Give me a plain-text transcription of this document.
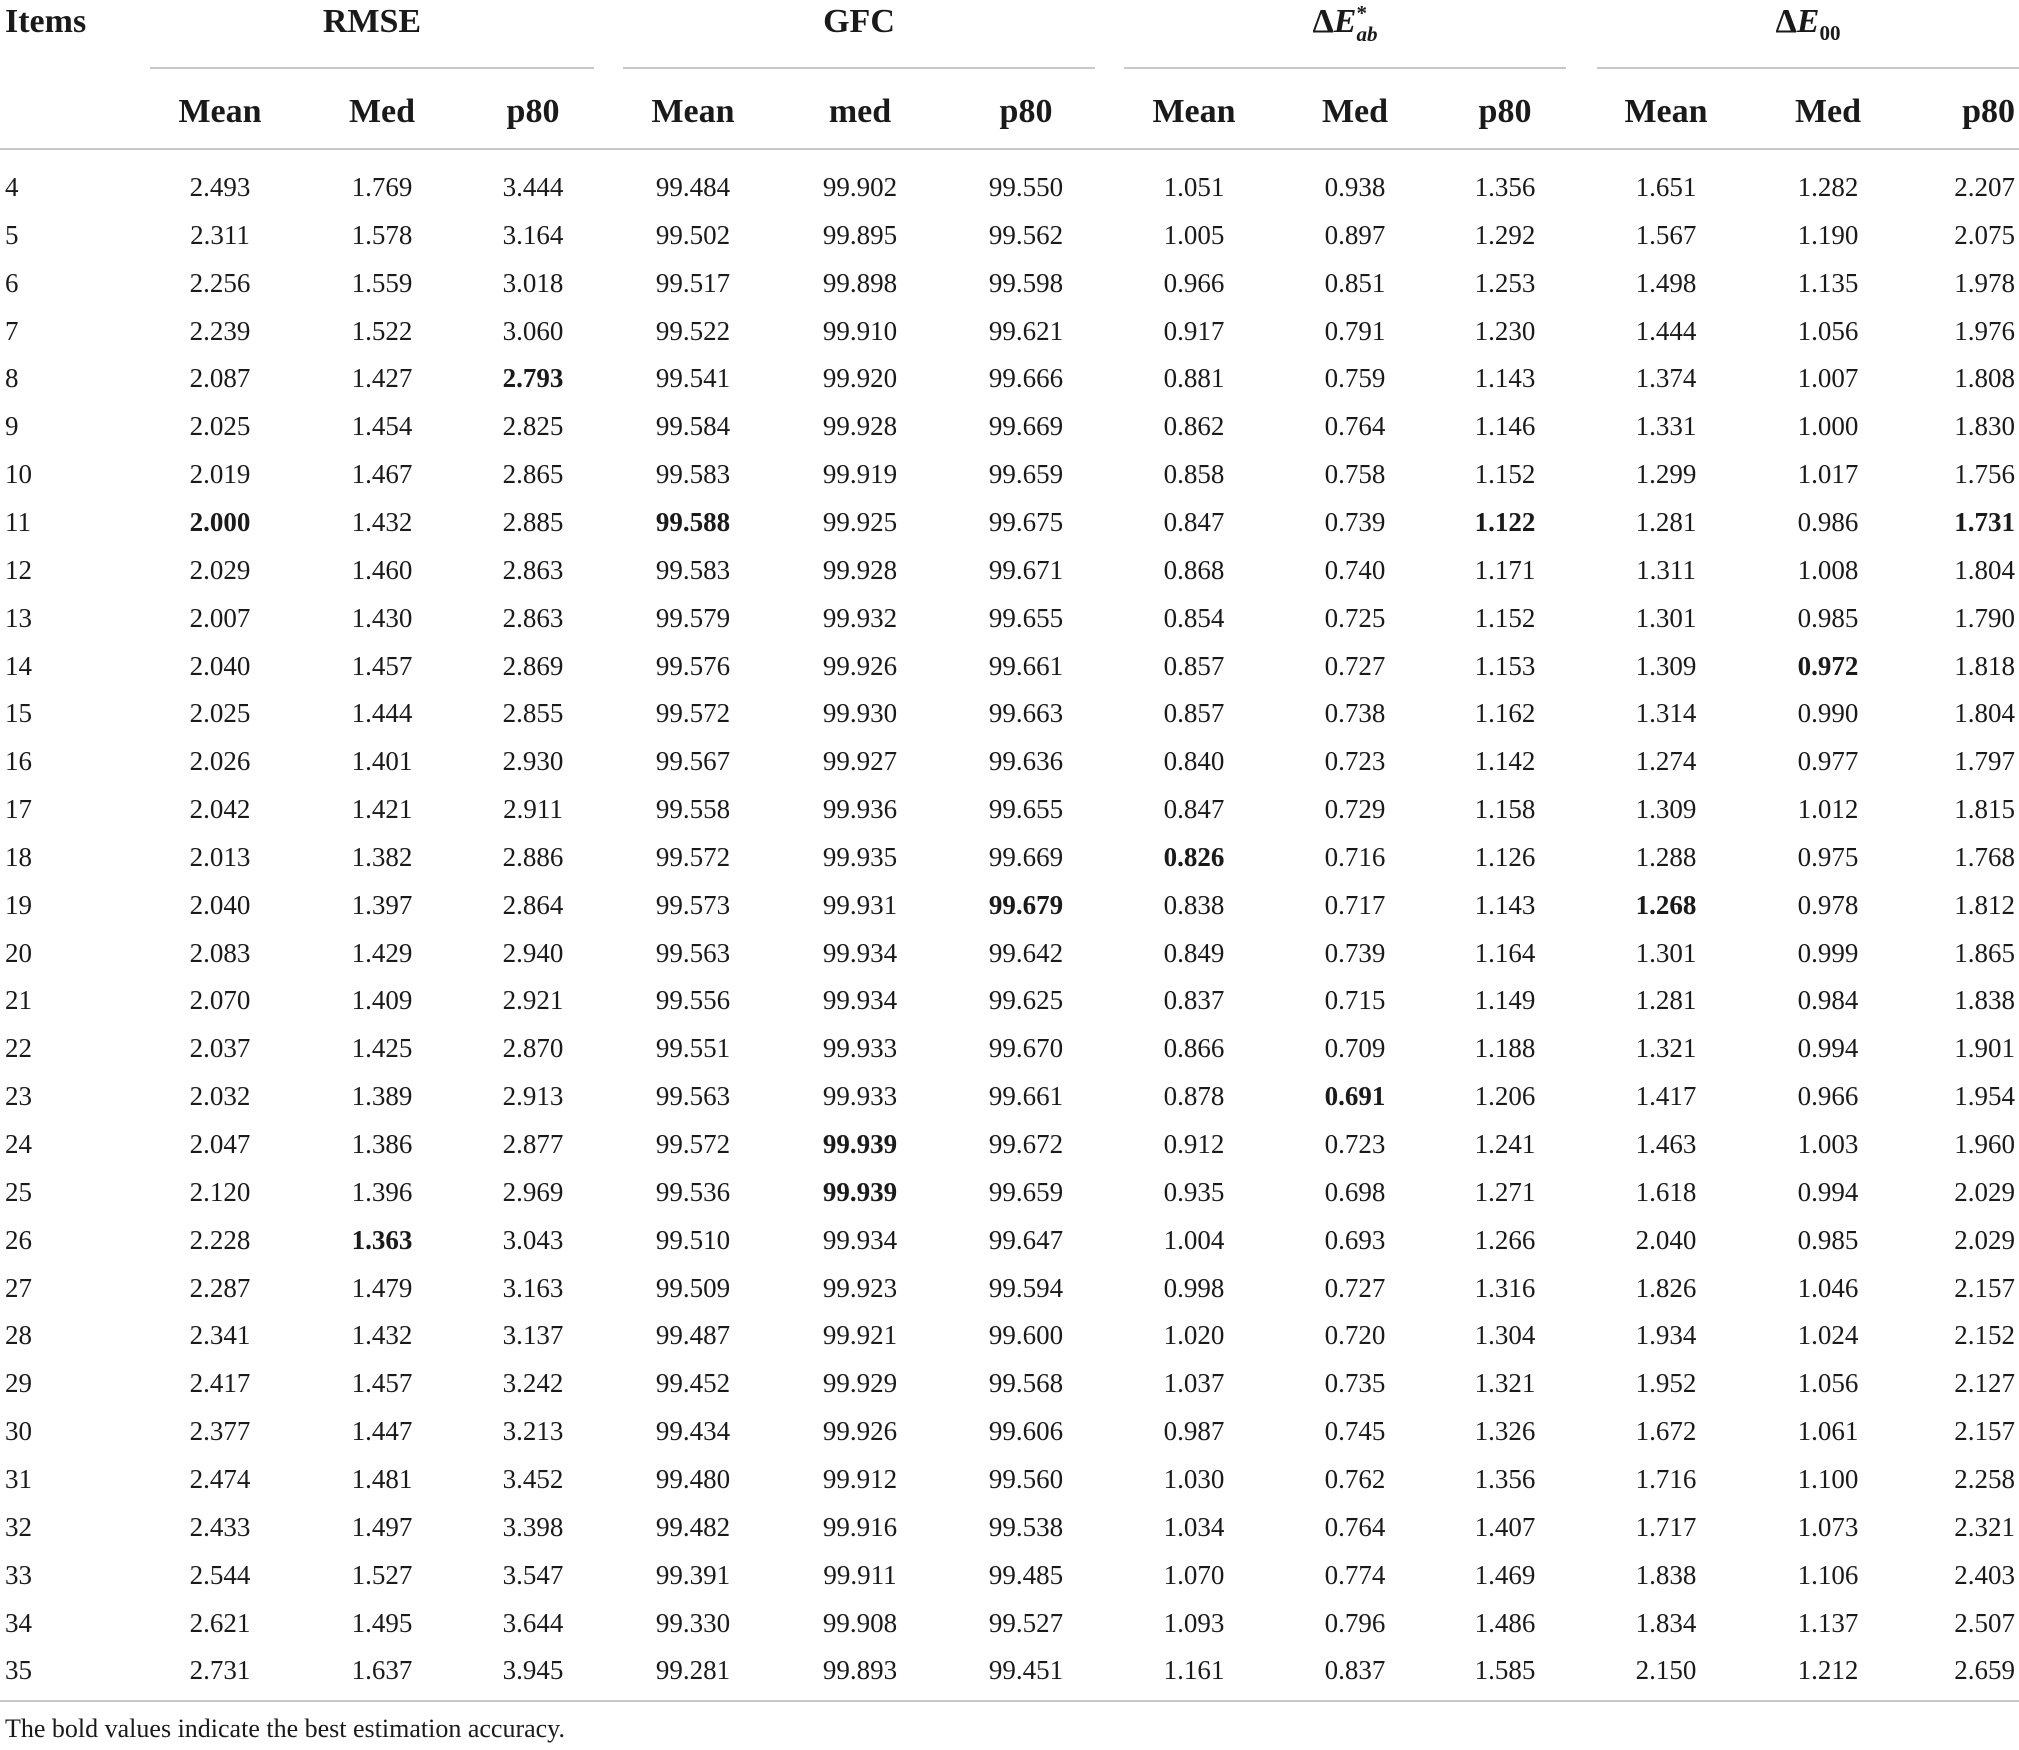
Items	RMSE	GFC	ΔE *
ab	$\Delta E_{00}$
Mean	Med	p80	Mean	med	p80	Mean	Med	p80	Mean	Med	p80
4	2.493	1.769	3.444	99.484	99.902	99.550	1.051	0.938	1.356	1.651	1.282	2.207
5	2.311	1.578	3.164	99.502	99.895	99.562	1.005	0.897	1.292	1.567	1.190	2.075
6	2.256	1.559	3.018	99.517	99.898	99.598	0.966	0.851	1.253	1.498	1.135	1.978
7	2.239	1.522	3.060	99.522	99.910	99.621	0.917	0.791	1.230	1.444	1.056	1.976
8	2.087	1.427	2.793	99.541	99.920	99.666	0.881	0.759	1.143	1.374	1.007	1.808
9	2.025	1.454	2.825	99.584	99.928	99.669	0.862	0.764	1.146	1.331	1.000	1.830
10	2.019	1.467	2.865	99.583	99.919	99.659	0.858	0.758	1.152	1.299	1.017	1.756
11	2.000	1.432	2.885	99.588	99.925	99.675	0.847	0.739	1.122	1.281	0.986	1.731
12	2.029	1.460	2.863	99.583	99.928	99.671	0.868	0.740	1.171	1.311	1.008	1.804
13	2.007	1.430	2.863	99.579	99.932	99.655	0.854	0.725	1.152	1.301	0.985	1.790
14	2.040	1.457	2.869	99.576	99.926	99.661	0.857	0.727	1.153	1.309	0.972	1.818
15	2.025	1.444	2.855	99.572	99.930	99.663	0.857	0.738	1.162	1.314	0.990	1.804
16	2.026	1.401	2.930	99.567	99.927	99.636	0.840	0.723	1.142	1.274	0.977	1.797
17	2.042	1.421	2.911	99.558	99.936	99.655	0.847	0.729	1.158	1.309	1.012	1.815
18	2.013	1.382	2.886	99.572	99.935	99.669	0.826	0.716	1.126	1.288	0.975	1.768
19	2.040	1.397	2.864	99.573	99.931	99.679	0.838	0.717	1.143	1.268	0.978	1.812
20	2.083	1.429	2.940	99.563	99.934	99.642	0.849	0.739	1.164	1.301	0.999	1.865
21	2.070	1.409	2.921	99.556	99.934	99.625	0.837	0.715	1.149	1.281	0.984	1.838
22	2.037	1.425	2.870	99.551	99.933	99.670	0.866	0.709	1.188	1.321	0.994	1.901
23	2.032	1.389	2.913	99.563	99.933	99.661	0.878	0.691	1.206	1.417	0.966	1.954
24	2.047	1.386	2.877	99.572	99.939	99.672	0.912	0.723	1.241	1.463	1.003	1.960
25	2.120	1.396	2.969	99.536	99.939	99.659	0.935	0.698	1.271	1.618	0.994	2.029
26	2.228	1.363	3.043	99.510	99.934	99.647	1.004	0.693	1.266	2.040	0.985	2.029
27	2.287	1.479	3.163	99.509	99.923	99.594	0.998	0.727	1.316	1.826	1.046	2.157
28	2.341	1.432	3.137	99.487	99.921	99.600	1.020	0.720	1.304	1.934	1.024	2.152
29	2.417	1.457	3.242	99.452	99.929	99.568	1.037	0.735	1.321	1.952	1.056	2.127
30	2.377	1.447	3.213	99.434	99.926	99.606	0.987	0.745	1.326	1.672	1.061	2.157
31	2.474	1.481	3.452	99.480	99.912	99.560	1.030	0.762	1.356	1.716	1.100	2.258
32	2.433	1.497	3.398	99.482	99.916	99.538	1.034	0.764	1.407	1.717	1.073	2.321
33	2.544	1.527	3.547	99.391	99.911	99.485	1.070	0.774	1.469	1.838	1.106	2.403
34	2.621	1.495	3.644	99.330	99.908	99.527	1.093	0.796	1.486	1.834	1.137	2.507
35	2.731	1.637	3.945	99.281	99.893	99.451	1.161	0.837	1.585	2.150	1.212	2.659
The bold values indicate the best estimation accuracy.
